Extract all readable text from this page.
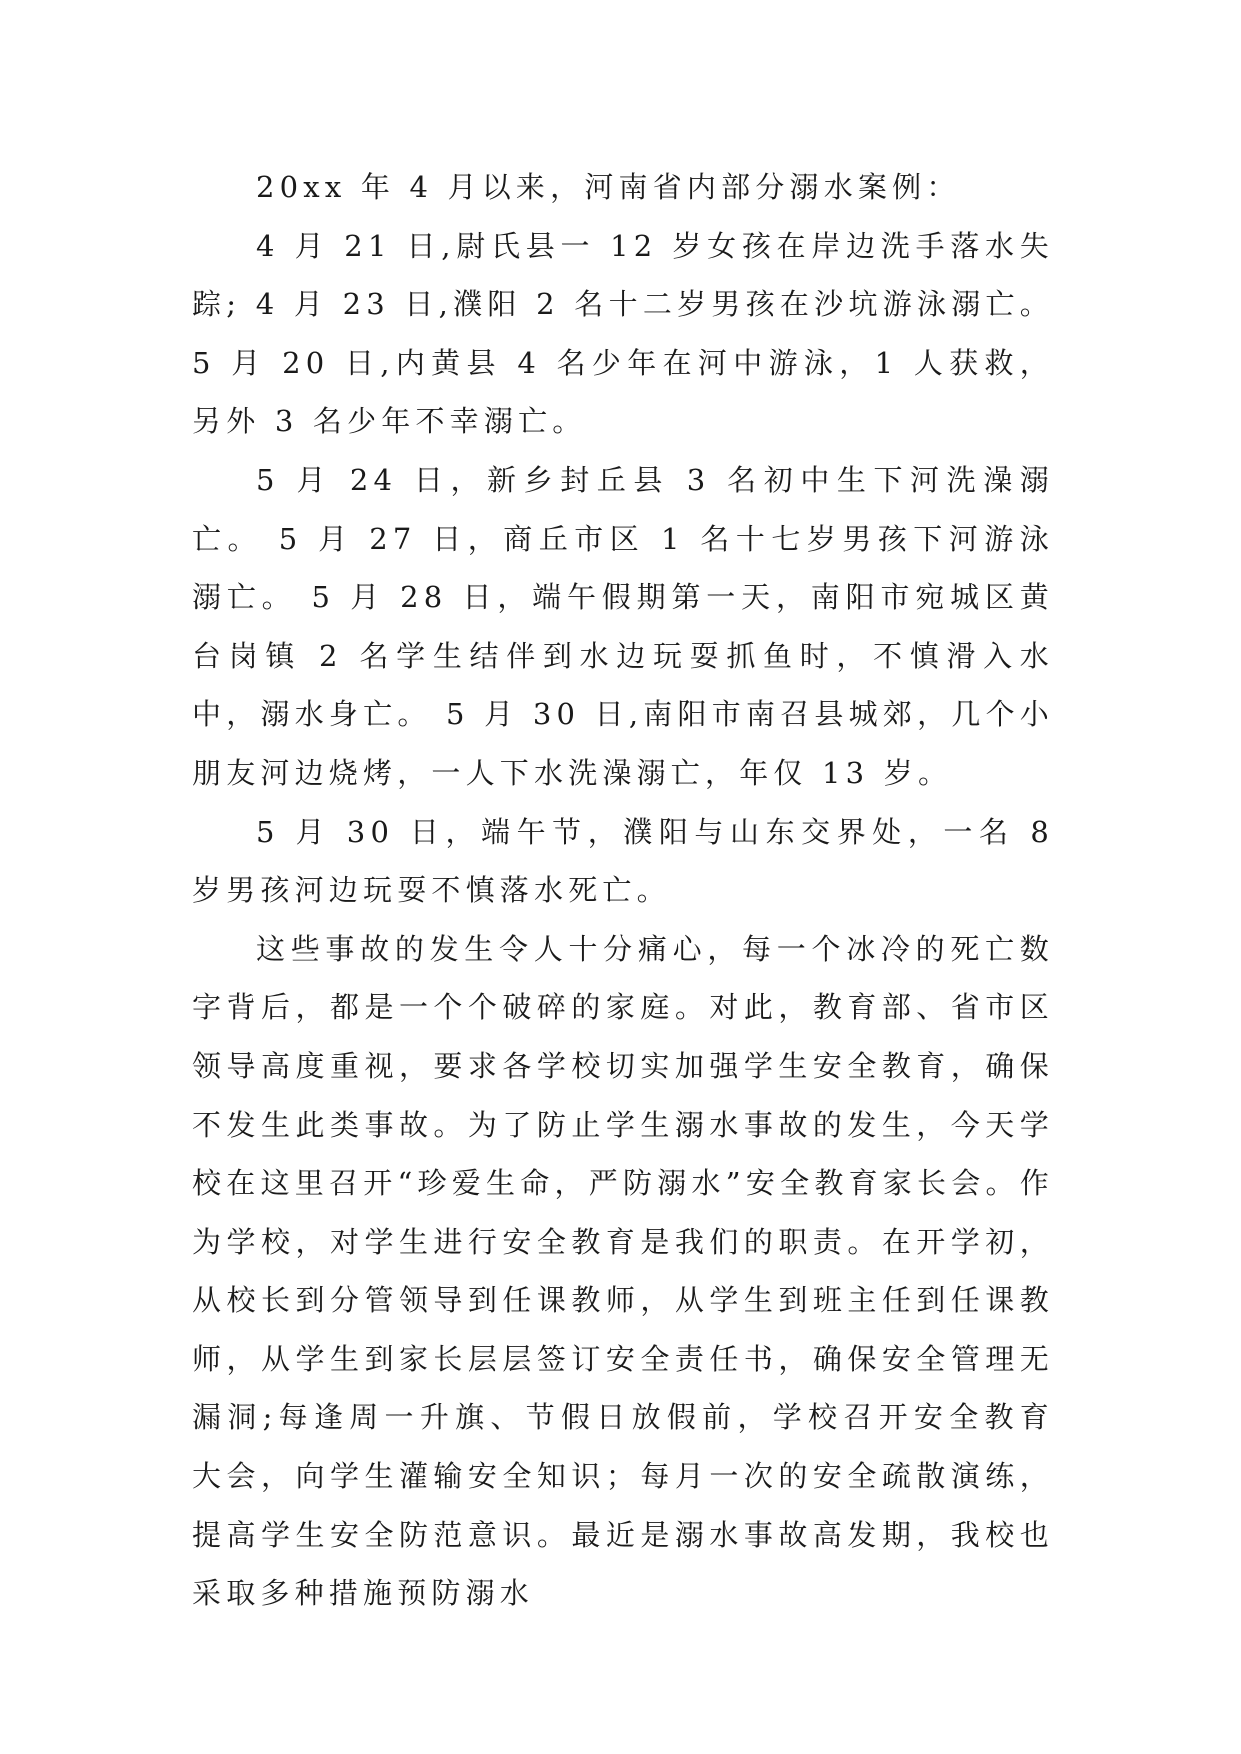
20xx 年 4 月以来，河南省内部分溺水案例：

4 月 21 日,尉氏县一 12 岁女孩在岸边洗手落水失踪; 4 月 23 日,濮阳 2 名十二岁男孩在沙坑游泳溺亡。5 月 20 日,内黄县 4 名少年在河中游泳，1 人获救，另外 3 名少年不幸溺亡。

5 月 24 日，新乡封丘县 3 名初中生下河洗澡溺亡。 5 月 27 日，商丘市区 1 名十七岁男孩下河游泳溺亡。 5 月 28 日，端午假期第一天，南阳市宛城区黄台岗镇 2 名学生结伴到水边玩耍抓鱼时，不慎滑入水中，溺水身亡。 5 月 30 日,南阳市南召县城郊，几个小朋友河边烧烤，一人下水洗澡溺亡，年仅 13 岁。

5 月 30 日，端午节，濮阳与山东交界处，一名 8 岁男孩河边玩耍不慎落水死亡。

这些事故的发生令人十分痛心，每一个冰冷的死亡数字背后，都是一个个破碎的家庭。对此，教育部、省市区领导高度重视，要求各学校切实加强学生安全教育，确保不发生此类事故。为了防止学生溺水事故的发生，今天学校在这里召开“珍爱生命，严防溺水”安全教育家长会。作为学校，对学生进行安全教育是我们的职责。在开学初，从校长到分管领导到任课教师，从学生到班主任到任课教师，从学生到家长层层签订安全责任书，确保安全管理无漏洞;每逢周一升旗、节假日放假前，学校召开安全教育大会，向学生灌输安全知识；每月一次的安全疏散演练，提高学生安全防范意识。最近是溺水事故高发期，我校也采取多种措施预防溺水
